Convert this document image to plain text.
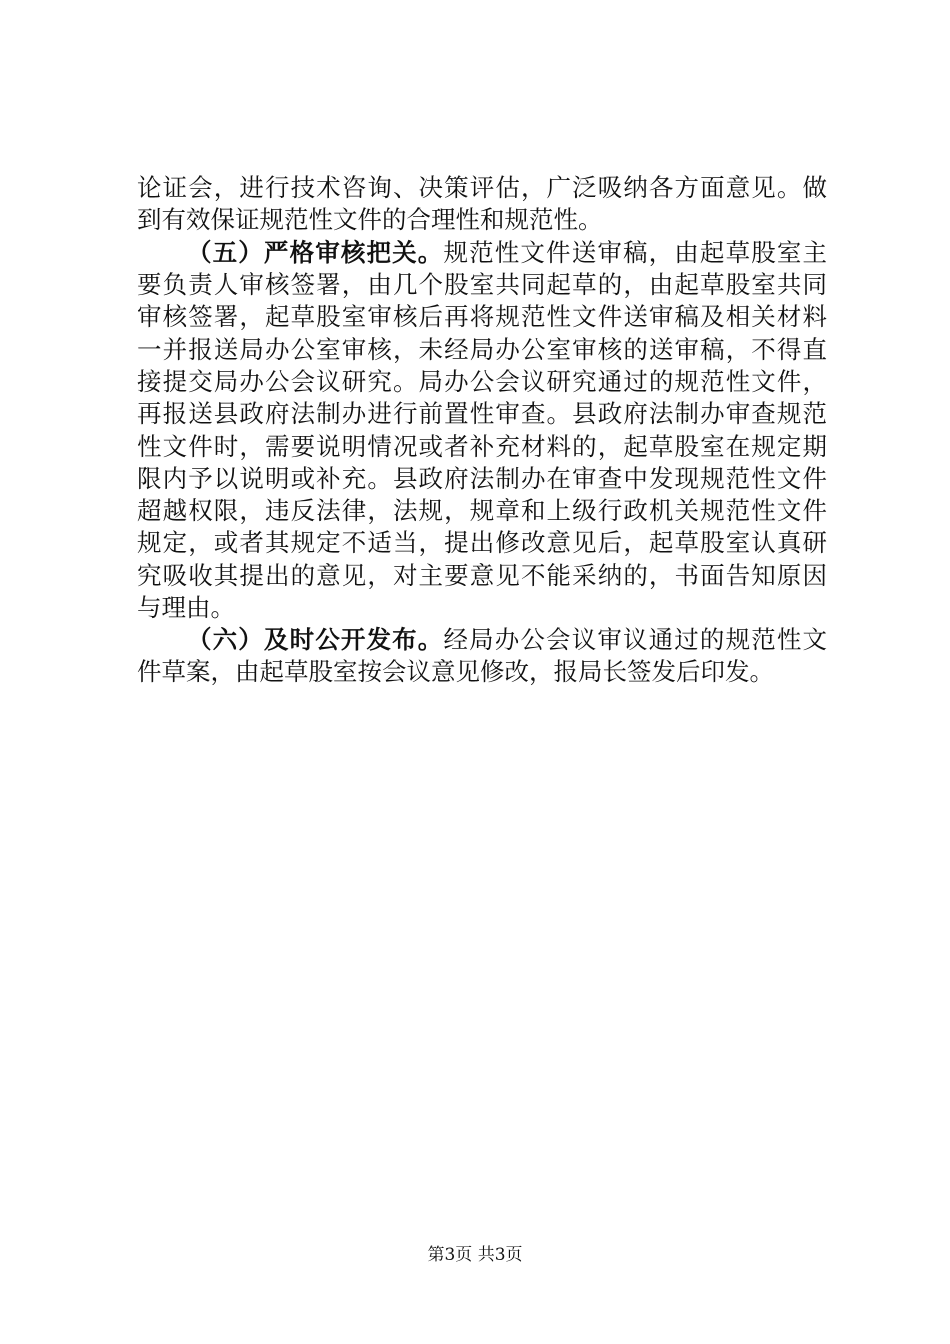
论证会，进行技术咨询、决策评估，广泛吸纳各方面意见。做
到有效保证规范性文件的合理性和规范性。
（五）严格审核把关。规范性文件送审稿，由起草股室主
要负责人审核签署，由几个股室共同起草的，由起草股室共同
审核签署，起草股室审核后再将规范性文件送审稿及相关材料
一并报送局办公室审核，未经局办公室审核的送审稿，不得直
接提交局办公会议研究。局办公会议研究通过的规范性文件，
再报送县政府法制办进行前置性审查。县政府法制办审查规范
性文件时，需要说明情况或者补充材料的，起草股室在规定期
限内予以说明或补充。县政府法制办在审查中发现规范性文件
超越权限，违反法律，法规，规章和上级行政机关规范性文件
规定，或者其规定不适当，提出修改意见后，起草股室认真研
究吸收其提出的意见，对主要意见不能采纳的，书面告知原因
与理由。
（六）及时公开发布。经局办公会议审议通过的规范性文
件草案，由起草股室按会议意见修改，报局长签发后印发。
第3页 共3页
